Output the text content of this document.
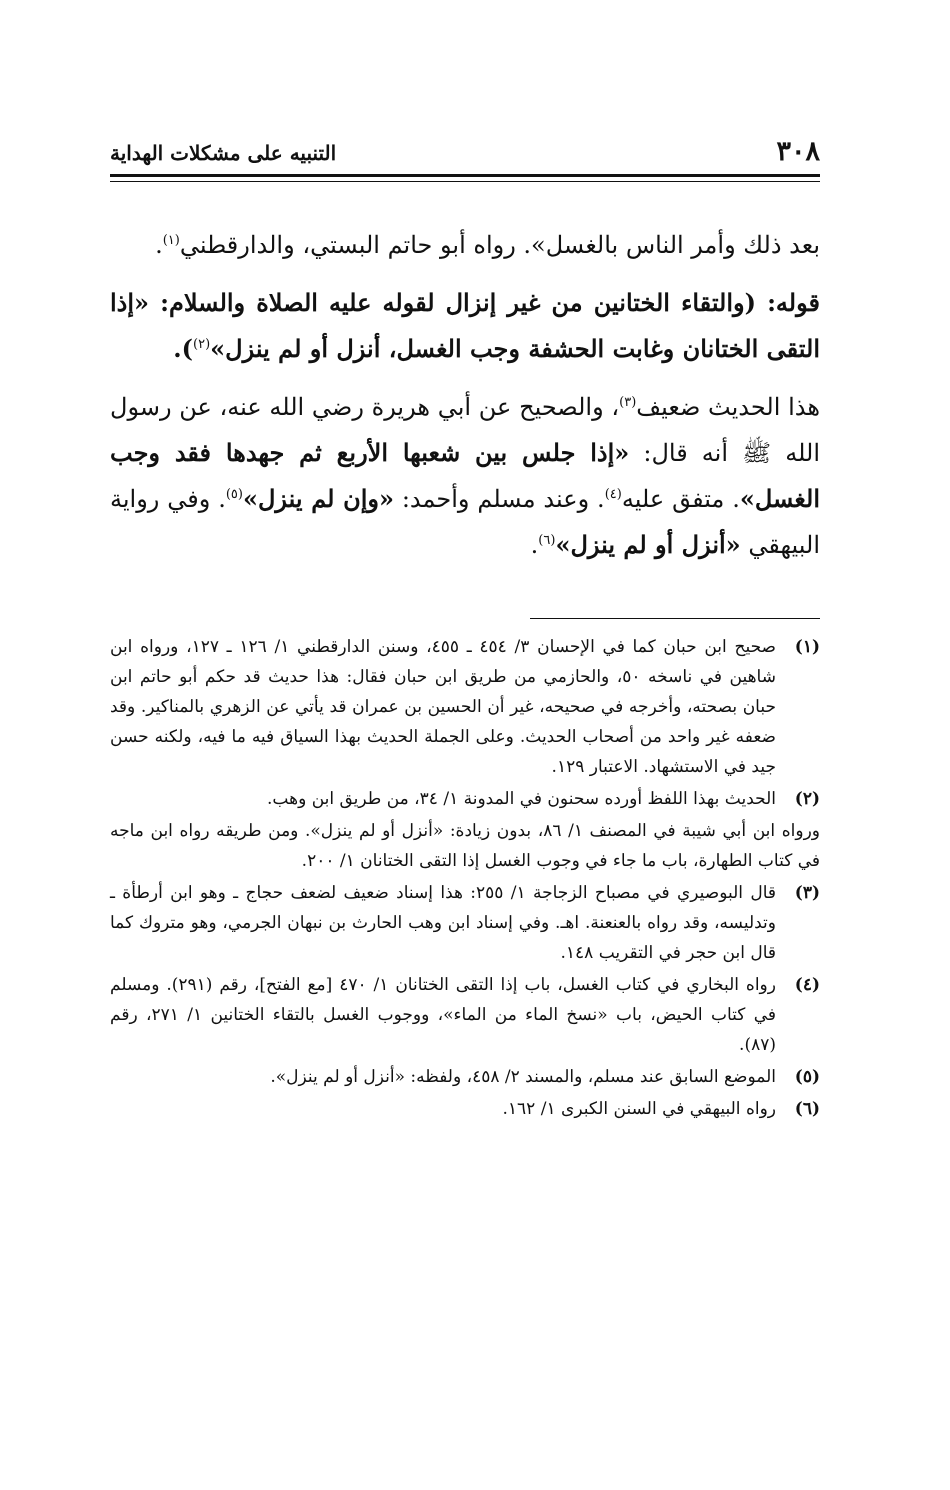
٣٠٨
التنبيه على مشكلات الهداية

بعد ذلك وأمر الناس بالغسل». رواه أبو حاتم البستي، والدارقطني$^{(١)}$.

قوله: (والتقاء الختانين من غير إنزال لقوله عليه الصلاة والسلام: «إذا التقى الختانان وغابت الحشفة وجب الغسل، أنزل أو لم ينزل»$^{(٢)}$).

هذا الحديث ضعيف$^{(٣)}$، والصحيح عن أبي هريرة رضي الله عنه، عن رسول الله ﷺ أنه قال: «إذا جلس بين شعبها الأربع ثم جهدها فقد وجب الغسل». متفق عليه$^{(٤)}$. وعند مسلم وأحمد: «وإن لم ينزل»$^{(٥)}$. وفي رواية البيهقي «أنزل أو لم ينزل»$^{(٦)}$.

(١)
صحيح ابن حبان كما في الإحسان ٣/ ٤٥٤ ـ ٤٥٥، وسنن الدارقطني ١/ ١٢٦ ـ ١٢٧، ورواه ابن شاهين في ناسخه ٥٠، والحازمي من طريق ابن حبان فقال: هذا حديث قد حكم أبو حاتم ابن حبان بصحته، وأخرجه في صحيحه، غير أن الحسين بن عمران قد يأتي عن الزهري بالمناكير. وقد ضعفه غير واحد من أصحاب الحديث. وعلى الجملة الحديث بهذا السياق فيه ما فيه، ولكنه حسن جيد في الاستشهاد. الاعتبار ١٢٩.
(٢)
الحديث بهذا اللفظ أورده سحنون في المدونة ١/ ٣٤، من طريق ابن وهب.

ورواه ابن أبي شيبة في المصنف ١/ ٨٦، بدون زيادة: «أنزل أو لم ينزل». ومن طريقه رواه ابن ماجه في كتاب الطهارة، باب ما جاء في وجوب الغسل إذا التقى الختانان ١/ ٢٠٠.

(٣)
قال البوصيري في مصباح الزجاجة ١/ ٢٥٥: هذا إسناد ضعيف لضعف حجاج ـ وهو ابن أرطأة ـ وتدليسه، وقد رواه بالعنعنة. اهـ. وفي إسناد ابن وهب الحارث بن نبهان الجرمي، وهو متروك كما قال ابن حجر في التقريب ١٤٨.
(٤)
رواه البخاري في كتاب الغسل، باب إذا التقى الختانان ١/ ٤٧٠ [مع الفتح]، رقم (٢٩١). ومسلم في كتاب الحيض، باب «نسخ الماء من الماء»، ووجوب الغسل بالتقاء الختانين ١/ ٢٧١، رقم (٨٧).
(٥)
الموضع السابق عند مسلم، والمسند ٢/ ٤٥٨، ولفظه: «أنزل أو لم ينزل».
(٦)
رواه البيهقي في السنن الكبرى ١/ ١٦٢.
